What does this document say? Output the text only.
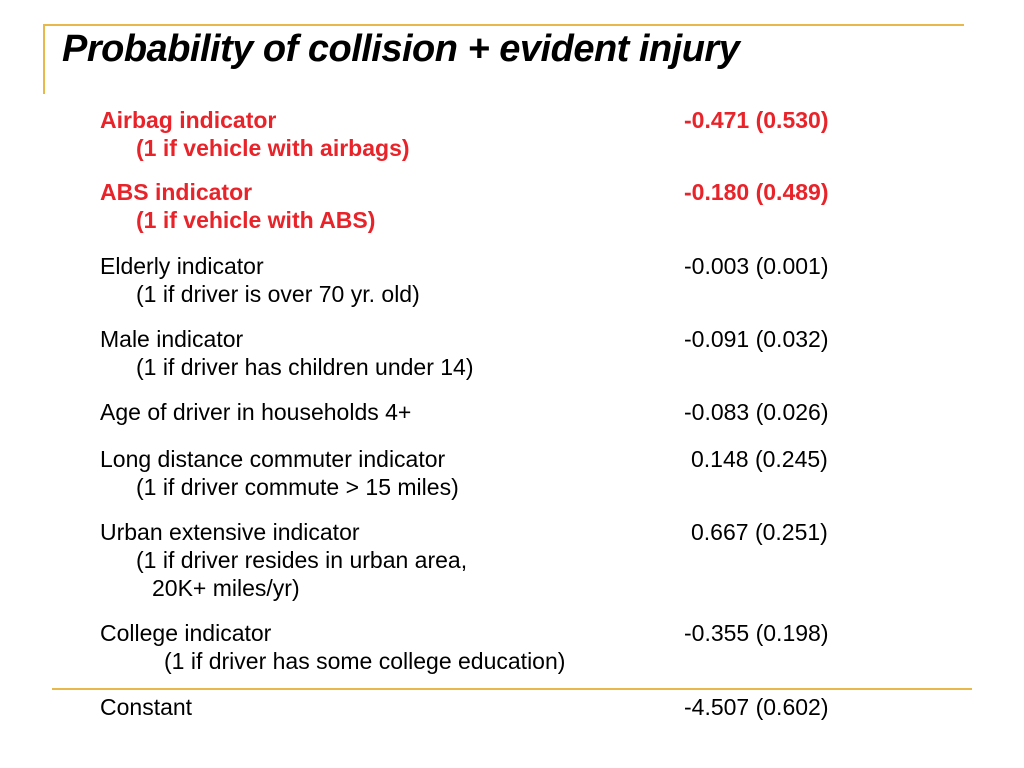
Probability of collision + evident injury
Airbag indicator	-0.471 (0.530)
(1 if vehicle with airbags)
ABS indicator	-0.180 (0.489)
(1 if vehicle with ABS)
Elderly indicator	-0.003 (0.001)
(1 if driver is over 70 yr. old)
Male indicator	-0.091 (0.032)
(1 if driver has children under 14)
Age of driver in households 4+	-0.083 (0.026)
Long distance commuter indicator	0.148 (0.245)
(1 if driver commute > 15 miles)
Urban extensive indicator	0.667 (0.251)
(1 if driver resides in urban area,
20K+ miles/yr)
College indicator	-0.355 (0.198)
(1 if driver has some college education)
Constant	-4.507 (0.602)
